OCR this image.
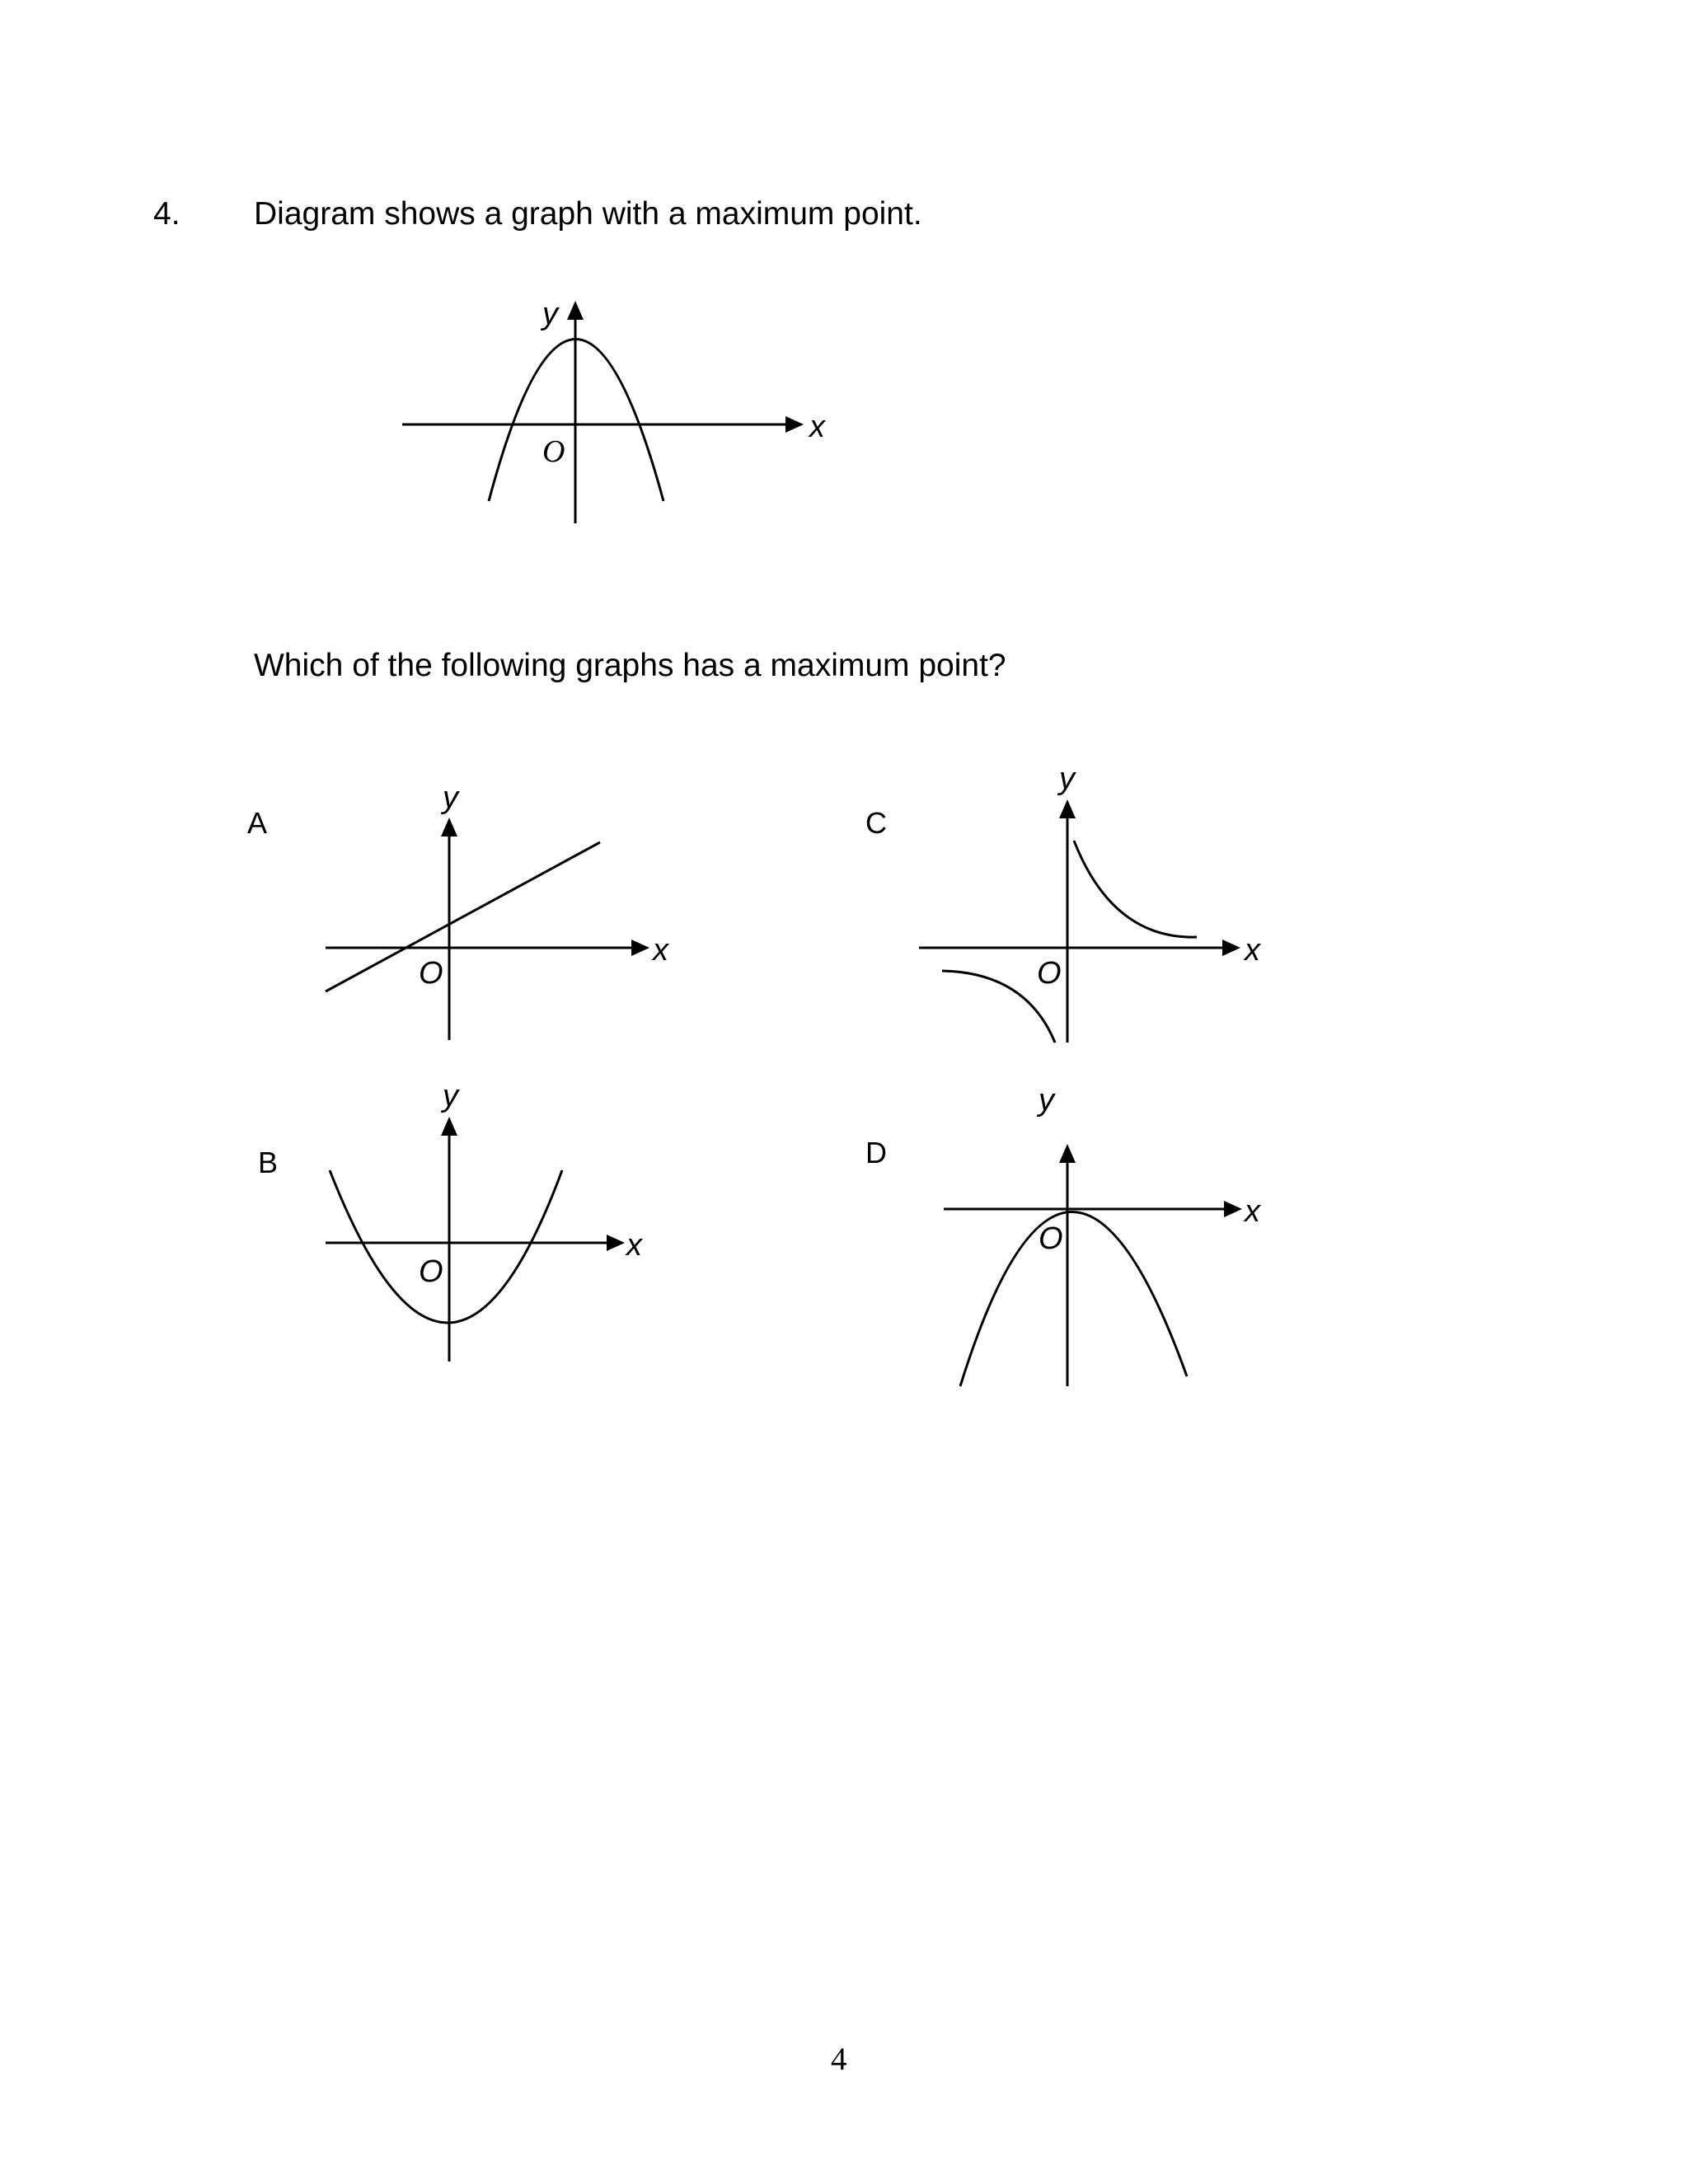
4. Diagram shows a graph with a maximum point.
Which of the following graphs has a maximum point?
A
B
C
D
4
y
x
O
y
x
O
y
x
O
y
x
O
y
x
O
